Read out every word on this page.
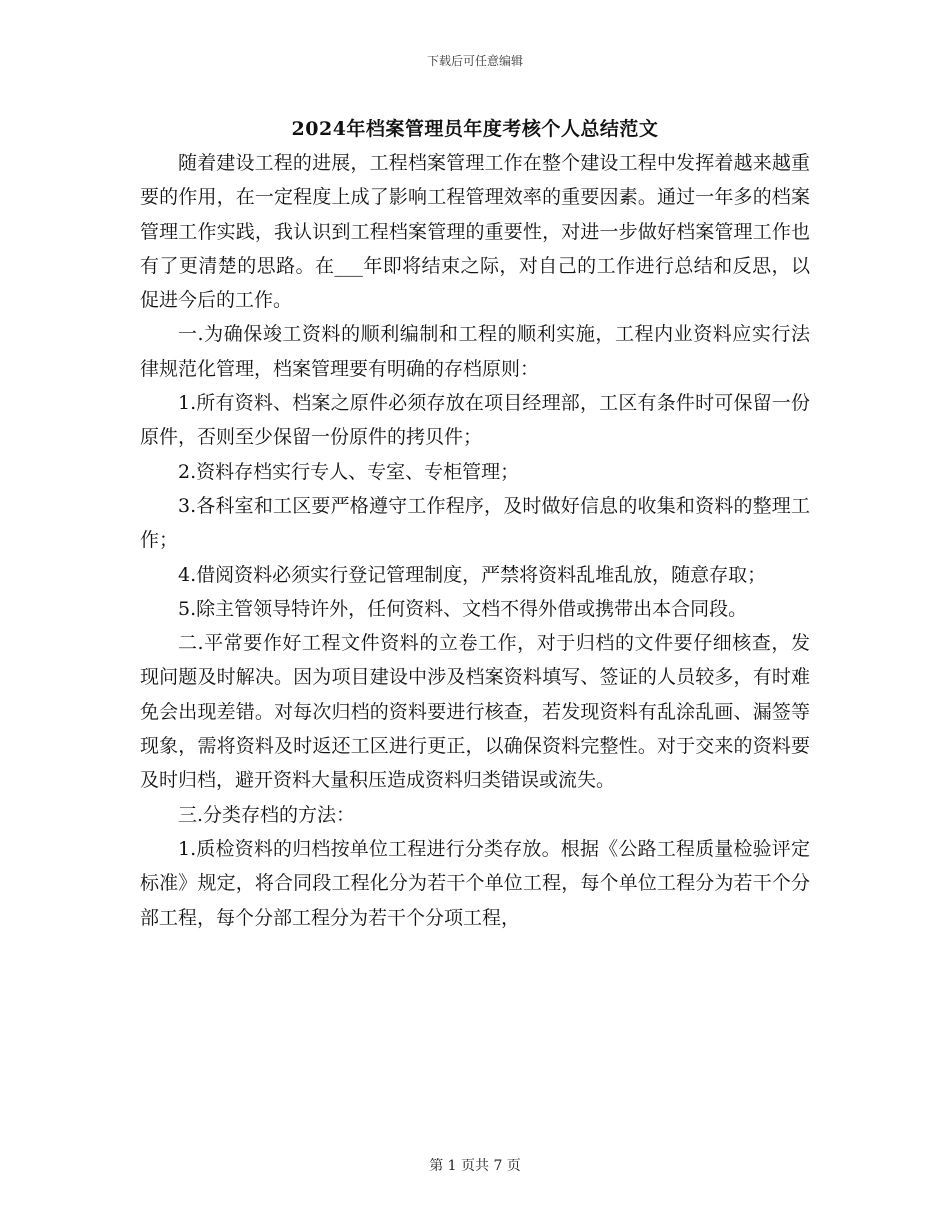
下载后可任意编辑
2024年档案管理员年度考核个人总结范文

随着建设工程的进展，工程档案管理工作在整个建设工程中发挥着越来越重要的作用，在一定程度上成了影响工程管理效率的重要因素。通过一年多的档案管理工作实践，我认识到工程档案管理的重要性，对进一步做好档案管理工作也有了更清楚的思路。在___年即将结束之际，对自己的工作进行总结和反思，以促进今后的工作。

一.为确保竣工资料的顺利编制和工程的顺利实施，工程内业资料应实行法律规范化管理，档案管理要有明确的存档原则：

1.所有资料、档案之原件必须存放在项目经理部，工区有条件时可保留一份原件，否则至少保留一份原件的拷贝件；

2.资料存档实行专人、专室、专柜管理；

3.各科室和工区要严格遵守工作程序，及时做好信息的收集和资料的整理工作；

4.借阅资料必须实行登记管理制度，严禁将资料乱堆乱放，随意存取；

5.除主管领导特许外，任何资料、文档不得外借或携带出本合同段。

二.平常要作好工程文件资料的立卷工作，对于归档的文件要仔细核查，发现问题及时解决。因为项目建设中涉及档案资料填写、签证的人员较多，有时难免会出现差错。对每次归档的资料要进行核查，若发现资料有乱涂乱画、漏签等现象，需将资料及时返还工区进行更正，以确保资料完整性。对于交来的资料要及时归档，避开资料大量积压造成资料归类错误或流失。

三.分类存档的方法：

1.质检资料的归档按单位工程进行分类存放。根据《公路工程质量检验评定标准》规定，将合同段工程化分为若干个单位工程，每个单位工程分为若干个分部工程，每个分部工程分为若干个分项工程，

第 1 页共 7 页
